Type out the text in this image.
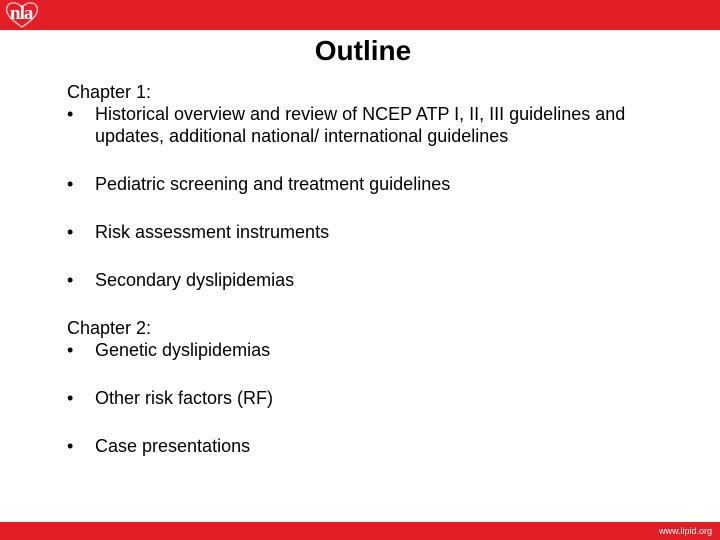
nla
Outline
Chapter 1:
•	Historical overview and review of NCEP ATP I, II, III guidelines and updates, additional national/ international guidelines
•	Pediatric screening and treatment guidelines
•	Risk assessment instruments
•	Secondary dyslipidemias
Chapter 2:
•	Genetic dyslipidemias
•	Other risk factors (RF)
•	Case presentations
www.lipid.org
